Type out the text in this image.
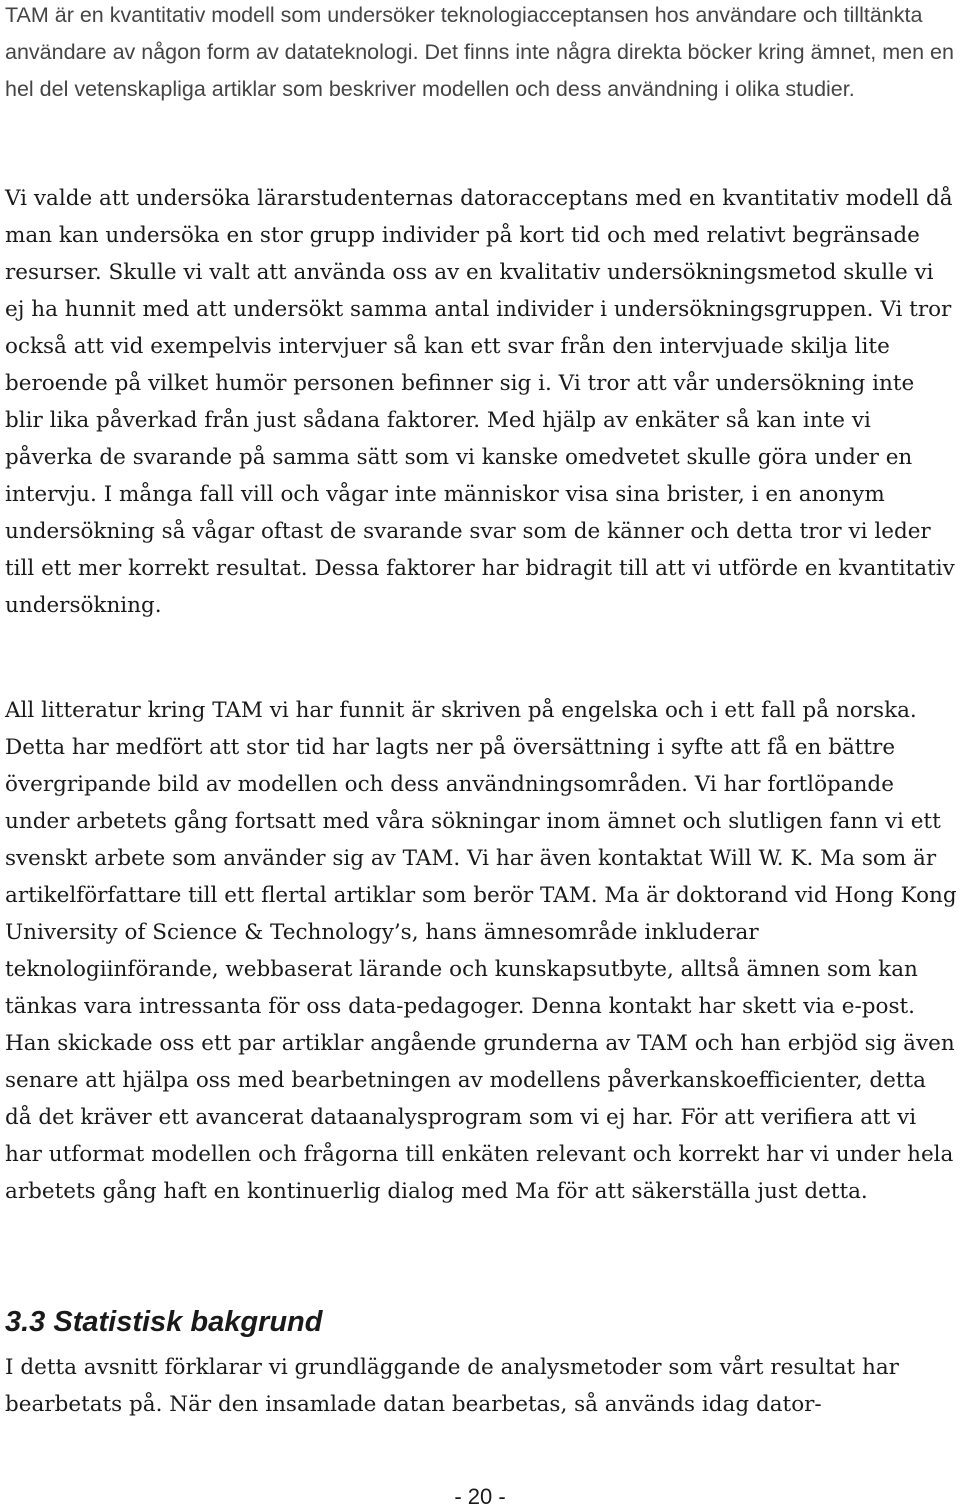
TAM är en kvantitativ modell som undersöker teknologiacceptansen hos användare och tilltänkta användare av någon form av datateknologi. Det finns inte några direkta böcker kring ämnet, men en hel del vetenskapliga artiklar som beskriver modellen och dess användning i olika studier.

Vi valde att undersöka lärarstudenternas datoracceptans med en kvantitativ modell då man kan undersöka en stor grupp individer på kort tid och med relativt begränsade resurser. Skulle vi valt att använda oss av en kvalitativ undersökningsmetod skulle vi ej ha hunnit med att undersökt samma antal individer i undersökningsgruppen. Vi tror också att vid exempelvis intervjuer så kan ett svar från den intervjuade skilja lite beroende på vilket humör personen befinner sig i. Vi tror att vår undersökning inte blir lika påverkad från just sådana faktorer. Med hjälp av enkäter så kan inte vi påverka de svarande på samma sätt som vi kanske omedvetet skulle göra under en intervju. I många fall vill och vågar inte människor visa sina brister, i en anonym undersökning så vågar oftast de svarande svar som de känner och detta tror vi leder till ett mer korrekt resultat. Dessa faktorer har bidragit till att vi utförde en kvantitativ undersökning.

All litteratur kring TAM vi har funnit är skriven på engelska och i ett fall på norska. Detta har medfört att stor tid har lagts ner på översättning i syfte att få en bättre övergripande bild av modellen och dess användningsområden. Vi har fortlöpande under arbetets gång fortsatt med våra sökningar inom ämnet och slutligen fann vi ett svenskt arbete som använder sig av TAM. Vi har även kontaktat Will W. K. Ma som är artikelförfattare till ett flertal artiklar som berör TAM. Ma är doktorand vid Hong Kong University of Science & Technology’s, hans ämnesområde inkluderar teknologiinförande, webbaserat lärande och kunskapsutbyte, alltså ämnen som kan tänkas vara intressanta för oss data-pedagoger. Denna kontakt har skett via e-post. Han skickade oss ett par artiklar angående grunderna av TAM och han erbjöd sig även senare att hjälpa oss med bearbetningen av modellens påverkanskoefficienter, detta då det kräver ett avancerat dataanalysprogram som vi ej har. För att verifiera att vi har utformat modellen och frågorna till enkäten relevant och korrekt har vi under hela arbetets gång haft en kontinuerlig dialog med Ma för att säkerställa just detta.

3.3 Statistisk bakgrund

I detta avsnitt förklarar vi grundläggande de analysmetoder som vårt resultat har bearbetats på. När den insamlade datan bearbetas, så används idag dator-

- 20 -
